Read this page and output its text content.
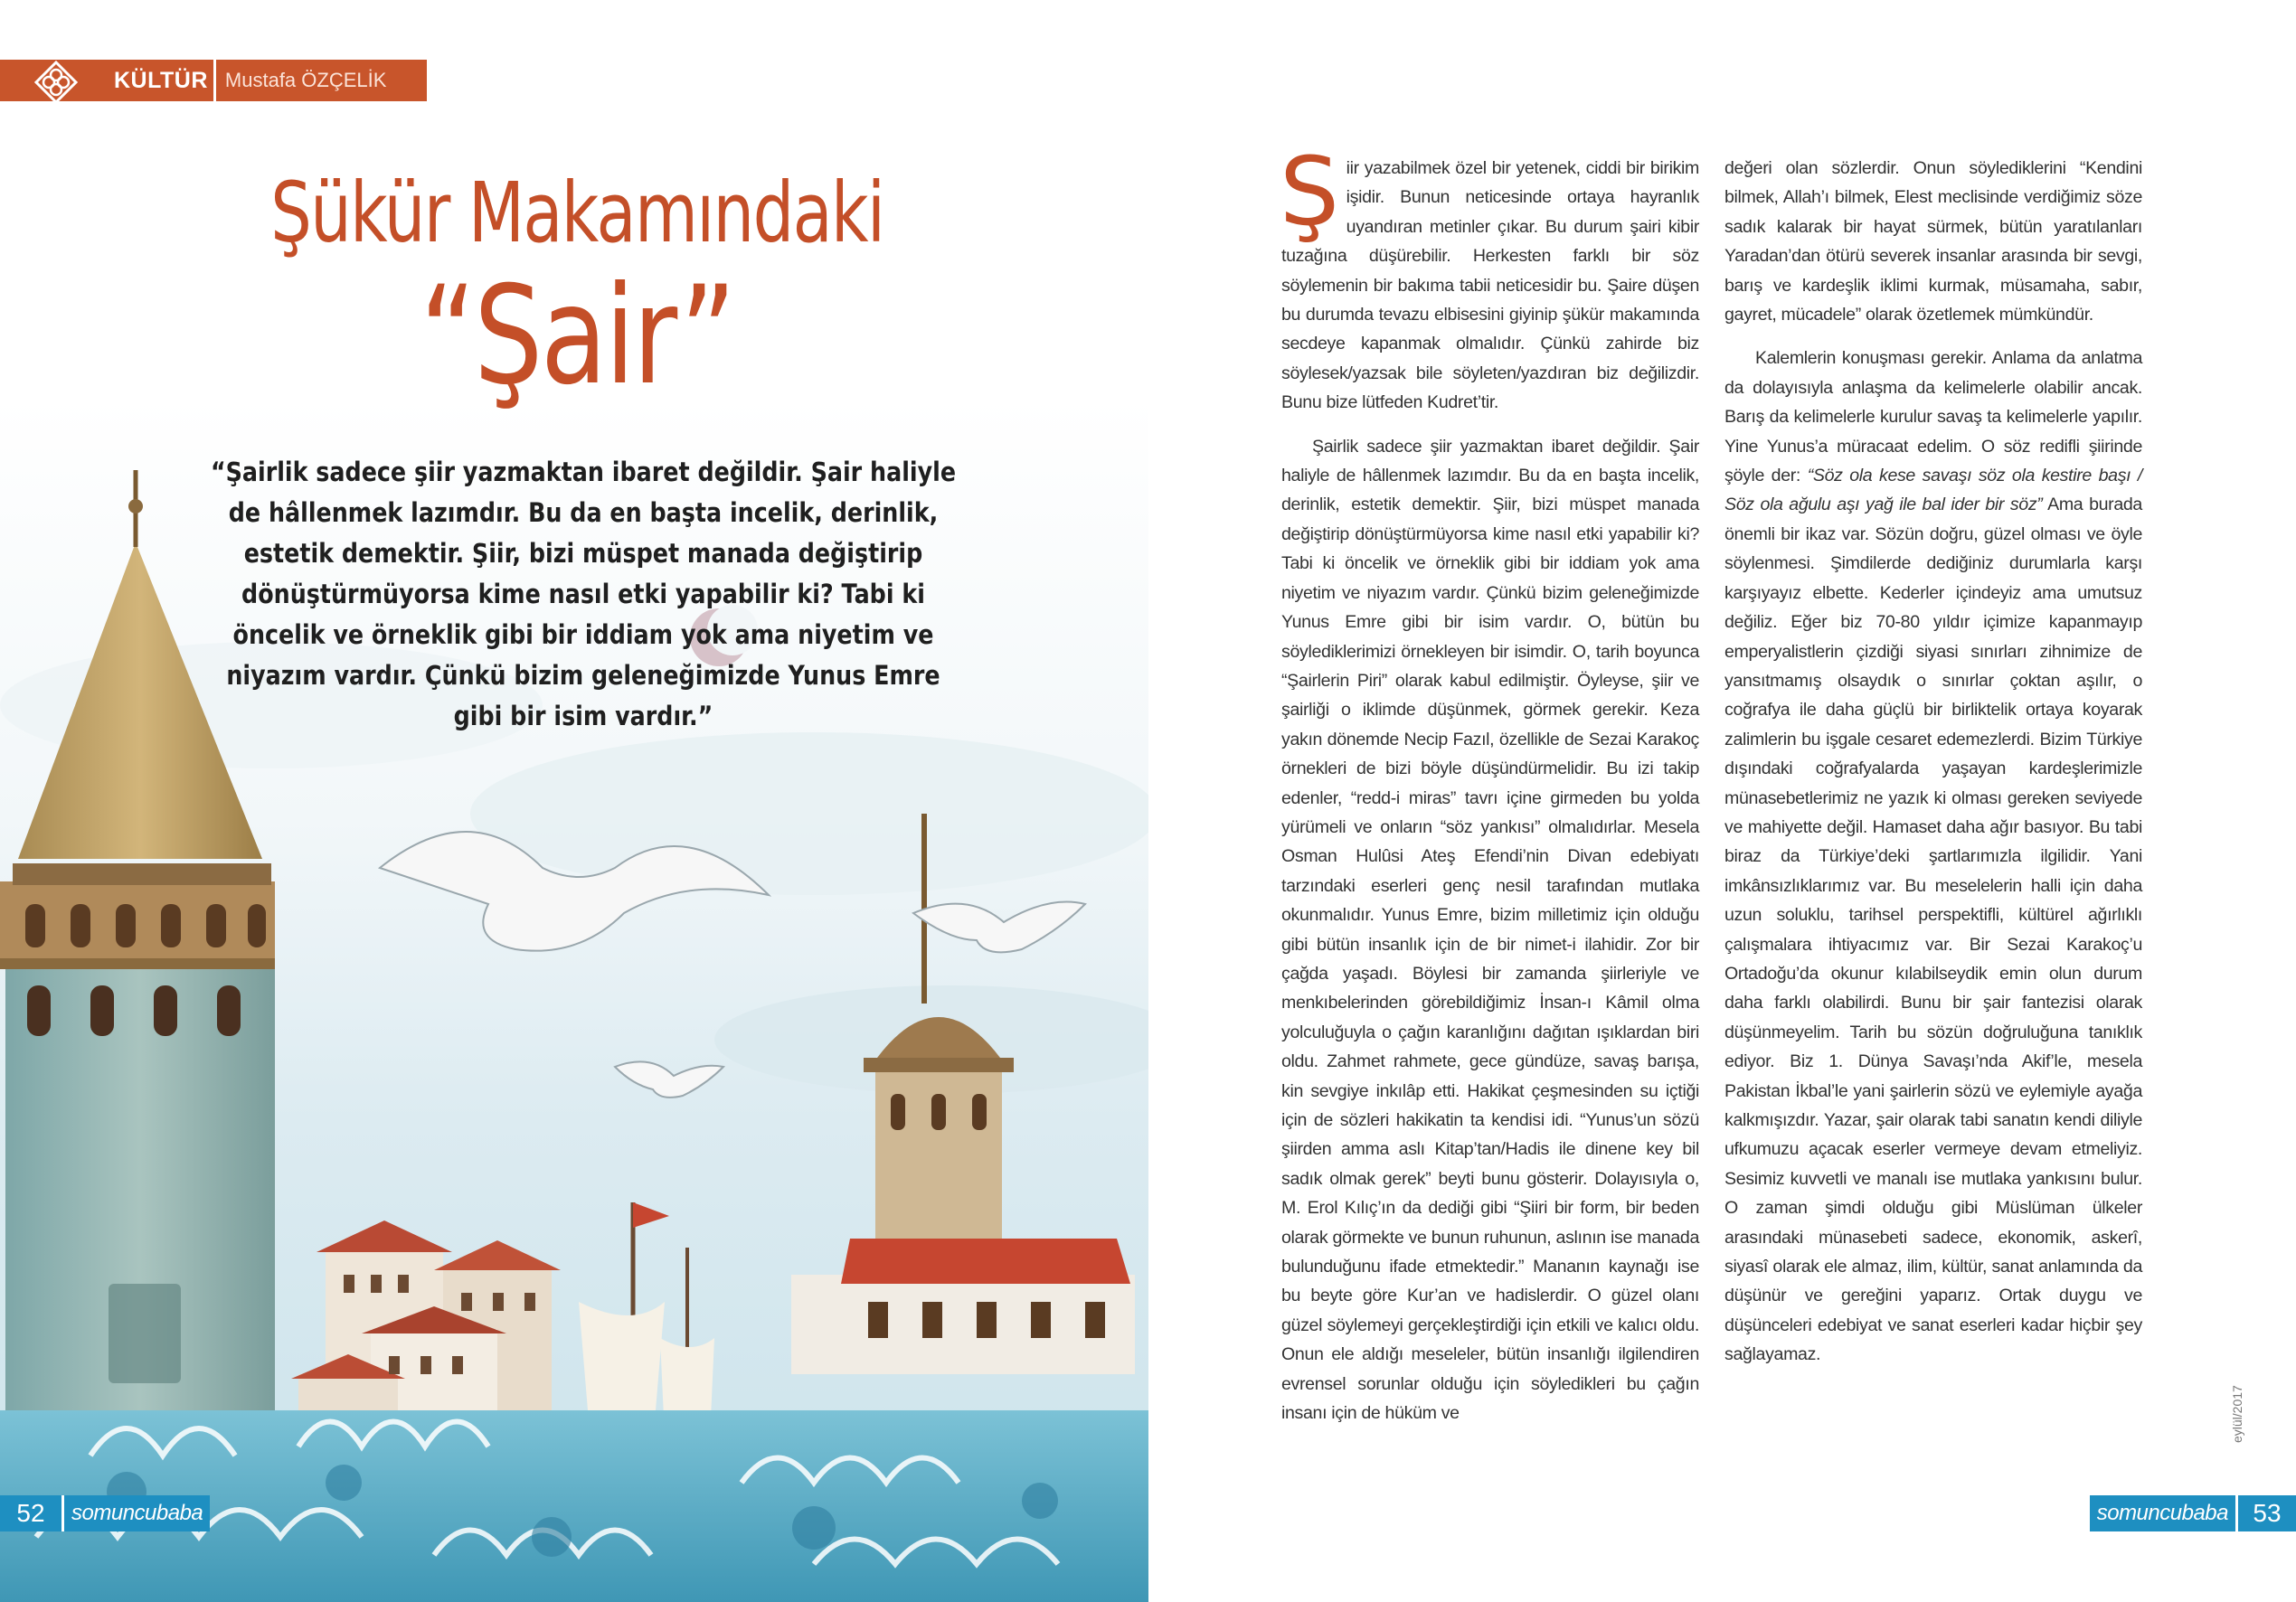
KÜLTÜR Mustafa ÖZÇELİK
Şükür Makamındaki
“Şair”
“Şairlik sadece şiir yazmaktan ibaret değildir. Şair haliyle de hâllenmek lazımdır. Bu da en başta incelik, derinlik, estetik demektir. Şiir, bizi müspet manada değiştirip dönüştürmüyorsa kime nasıl etki yapabilir ki? Tabi ki öncelik ve örneklik gibi bir iddiam yok ama niyetim ve niyazım vardır. Çünkü bizim geleneğimizde Yunus Emre gibi bir isim vardır.”
52	somuncubaba

Şiir yazabilmek özel bir yetenek, ciddi bir birikim işidir. Bunun neticesinde ortaya hayranlık uyandıran metinler çıkar. Bu durum şairi kibir tuzağına düşürebilir. Herkesten farklı bir söz söylemenin bir bakıma tabii neticesidir bu. Şaire düşen bu durumda tevazu elbisesini giyinip şükür makamında secdeye kapanmak olmalıdır. Çünkü zahirde biz söylesek/yazsak bile söyleten/yazdıran biz değilizdir. Bunu bize lütfeden Kudret’tir.

Şairlik sadece şiir yazmaktan ibaret değildir. Şair haliyle de hâllenmek lazımdır. Bu da en başta incelik, derinlik, estetik demektir. Şiir, bizi müspet manada değiştirip dönüştürmüyorsa kime nasıl etki yapabilir ki? Tabi ki öncelik ve örneklik gibi bir iddiam yok ama niyetim ve niyazım vardır. Çünkü bizim geleneğimizde Yunus Emre gibi bir isim vardır. O, bütün bu söylediklerimizi örnekleyen bir isimdir. O, tarih boyunca “Şairlerin Piri” olarak kabul edilmiştir. Öyleyse, şiir ve şairliği o iklimde düşünmek, görmek gerekir. Keza yakın dönemde Necip Fazıl, özellikle de Sezai Karakoç örnekleri de bizi böyle düşündürmelidir. Bu izi takip edenler, “redd-i miras” tavrı içine girmeden bu yolda yürümeli ve onların “söz yankısı” olmalıdırlar. Mesela Osman Hulûsi Ateş Efendi’nin Divan edebiyatı tarzındaki eserleri genç nesil tarafından mutlaka okunmalıdır. Yunus Emre, bizim milletimiz için olduğu gibi bütün insanlık için de bir nimet-i ilahidir. Zor bir çağda yaşadı. Böylesi bir zamanda şiirleriyle ve menkıbelerinden görebildiğimiz İnsan-ı Kâmil olma yolculuğuyla o çağın karanlığını dağıtan ışıklardan biri oldu. Zahmet rahmete, gece gündüze, savaş barışa, kin sevgiye inkılâp etti. Hakikat çeşmesinden su içtiği için de sözleri hakikatin ta kendisi idi. “Yunus’un sözü şiirden amma aslı Kitap’tan/Hadis ile dinene key bil sadık olmak gerek” beyti bunu gösterir. Dolayısıyla o, M. Erol Kılıç’ın da dediği gibi “Şiiri bir form, bir beden olarak görmekte ve bunun ruhunun, aslının ise manada bulunduğunu ifade etmektedir.” Mananın kaynağı ise bu beyte göre Kur’an ve hadislerdir. O güzel olanı güzel söylemeyi gerçekleştirdiği için etkili ve kalıcı oldu. Onun ele aldığı meseleler, bütün insanlığı ilgilendiren evrensel sorunlar olduğu için söyledikleri bu çağın insanı için de hüküm ve

değeri olan sözlerdir. Onun söylediklerini “Kendini bilmek, Allah’ı bilmek, Elest meclisinde verdiğimiz söze sadık kalarak bir hayat sürmek, bütün yaratılanları Yaradan’dan ötürü severek insanlar arasında bir sevgi, barış ve kardeşlik iklimi kurmak, müsamaha, sabır, gayret, mücadele” olarak özetlemek mümkündür.

Kalemlerin konuşması gerekir. Anlama da anlatma da dolayısıyla anlaşma da kelimelerle olabilir ancak. Barış da kelimelerle kurulur savaş ta kelimelerle yapılır. Yine Yunus’a müracaat edelim. O söz redifli şiirinde şöyle der: “Söz ola kese savaşı söz ola kestire başı / Söz ola ağulu aşı yağ ile bal ider bir söz” Ama burada önemli bir ikaz var. Sözün doğru, güzel olması ve öyle söylenmesi. Şimdilerde dediğiniz durumlarla karşı karşıyayız elbette. Kederler içindeyiz ama umutsuz değiliz. Eğer biz 70-80 yıldır içimize kapanmayıp emperyalistlerin çizdiği siyasi sınırları zihnimize de yansıtmamış olsaydık o sınırlar çoktan aşılır, o coğrafya ile daha güçlü bir birliktelik ortaya koyarak zalimlerin bu işgale cesaret edemezlerdi. Bizim Türkiye dışındaki coğrafyalarda yaşayan kardeşlerimizle münasebetlerimiz ne yazık ki olması gereken seviyede ve mahiyette değil. Hamaset daha ağır basıyor. Bu tabi biraz da Türkiye’deki şartlarımızla ilgilidir. Yani imkânsızlıklarımız var. Bu meselelerin halli için daha uzun soluklu, tarihsel perspektifli, kültürel ağırlıklı çalışmalara ihtiyacımız var. Bir Sezai Karakoç’u Ortadoğu’da okunur kılabilseydik emin olun durum daha farklı olabilirdi. Bunu bir şair fantezisi olarak düşünmeyelim. Tarih bu sözün doğruluğuna tanıklık ediyor. Biz 1. Dünya Savaşı’nda Akif’le, mesela Pakistan İkbal’le yani şairlerin sözü ve eylemiyle ayağa kalkmışızdır. Yazar, şair olarak tabi sanatın kendi diliyle ufkumuzu açacak eserler vermeye devam etmeliyiz. Sesimiz kuvvetli ve manalı ise mutlaka yankısını bulur. O zaman şimdi olduğu gibi Müslüman ülkeler arasındaki münasebeti sadece, ekonomik, askerî, siyasî olarak ele almaz, ilim, kültür, sanat anlamında da düşünür ve gereğini yaparız. Ortak duygu ve düşünceleri edebiyat ve sanat eserleri kadar hiçbir şey sağlayamaz.

eylül/2017
somuncubaba 53
